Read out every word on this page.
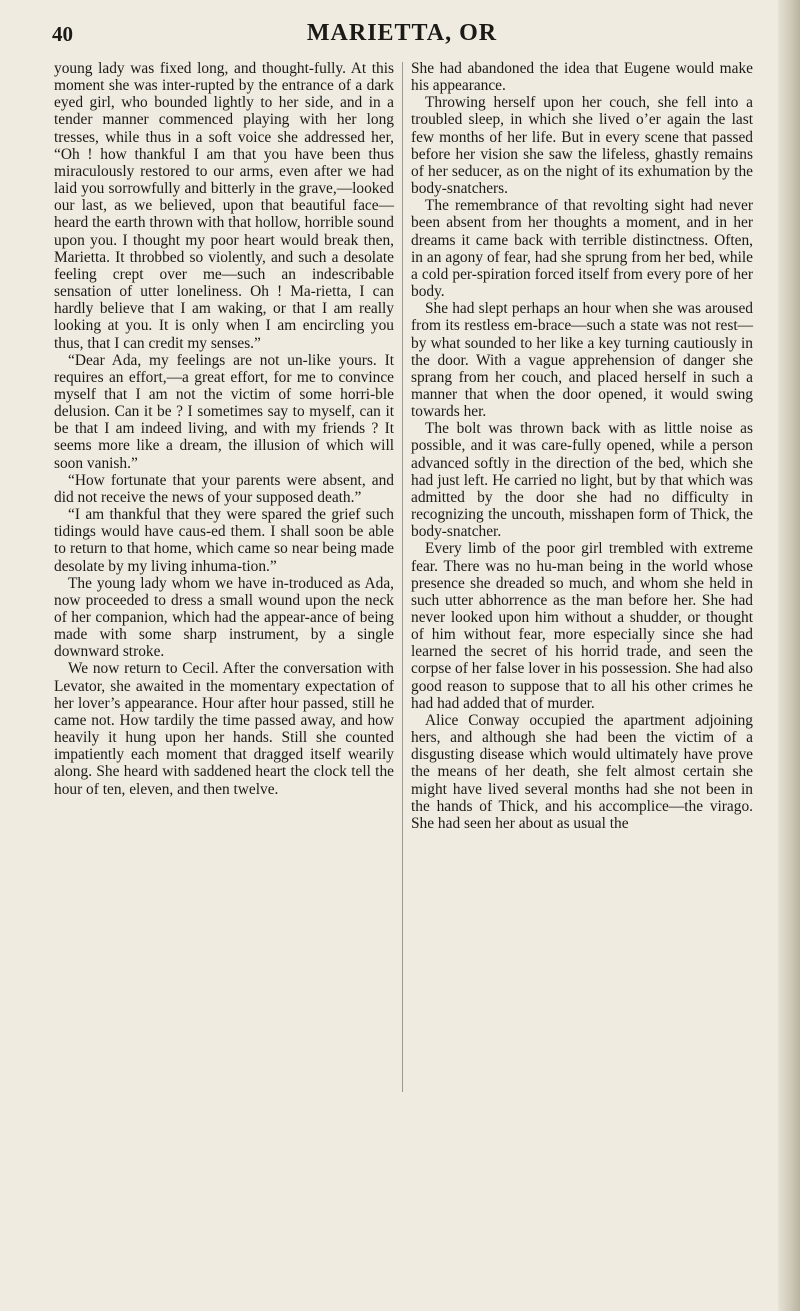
40	MARIETTA, OR

young lady was fixed long, and thought-fully. At this moment she was inter-rupted by the entrance of a dark eyed girl, who bounded lightly to her side, and in a tender manner commenced playing with her long tresses, while thus in a soft voice she addressed her, “Oh ! how thankful I am that you have been thus miraculously restored to our arms, even after we had laid you sorrowfully and bitterly in the grave,—looked our last, as we believed, upon that beautiful face—heard the earth thrown with that hollow, horrible sound upon you. I thought my poor heart would break then, Marietta. It throbbed so violently, and such a desolate feeling crept over me—such an indescribable sensation of utter loneliness. Oh ! Ma-rietta, I can hardly believe that I am waking, or that I am really looking at you. It is only when I am encircling you thus, that I can credit my senses.”

“Dear Ada, my feelings are not un-like yours. It requires an effort,—a great effort, for me to convince myself that I am not the victim of some horri-ble delusion. Can it be ? I sometimes say to myself, can it be that I am indeed living, and with my friends ? It seems more like a dream, the illusion of which will soon vanish.”

“How fortunate that your parents were absent, and did not receive the news of your supposed death.”

“I am thankful that they were spared the grief such tidings would have caus-ed them. I shall soon be able to return to that home, which came so near being made desolate by my living inhuma-tion.”

The young lady whom we have in-troduced as Ada, now proceeded to dress a small wound upon the neck of her companion, which had the appear-ance of being made with some sharp instrument, by a single downward stroke.

We now return to Cecil. After the conversation with Levator, she awaited in the momentary expectation of her lover’s appearance. Hour after hour passed, still he came not. How tardily the time passed away, and how heavily it hung upon her hands. Still she counted impatiently each moment that dragged itself wearily along. She heard with saddened heart the clock tell the hour of ten, eleven, and then twelve.

She had abandoned the idea that Eugene would make his appearance.

Throwing herself upon her couch, she fell into a troubled sleep, in which she lived o’er again the last few months of her life. But in every scene that passed before her vision she saw the lifeless, ghastly remains of her seducer, as on the night of its exhumation by the body-snatchers.

The remembrance of that revolting sight had never been absent from her thoughts a moment, and in her dreams it came back with terrible distinctness. Often, in an agony of fear, had she sprung from her bed, while a cold per-spiration forced itself from every pore of her body.

She had slept perhaps an hour when she was aroused from its restless em-brace—such a state was not rest—by what sounded to her like a key turning cautiously in the door. With a vague apprehension of danger she sprang from her couch, and placed herself in such a manner that when the door opened, it would swing towards her.

The bolt was thrown back with as little noise as possible, and it was care-fully opened, while a person advanced softly in the direction of the bed, which she had just left. He carried no light, but by that which was admitted by the door she had no difficulty in recognizing the uncouth, misshapen form of Thick, the body-snatcher.

Every limb of the poor girl trembled with extreme fear. There was no hu-man being in the world whose presence she dreaded so much, and whom she held in such utter abhorrence as the man before her. She had never looked upon him without a shudder, or thought of him without fear, more especially since she had learned the secret of his horrid trade, and seen the corpse of her false lover in his possession. She had also good reason to suppose that to all his other crimes he had had added that of murder.

Alice Conway occupied the apartment adjoining hers, and although she had been the victim of a disgusting disease which would ultimately have prove the means of her death, she felt almost certain she might have lived several months had she not been in the hands of Thick, and his accomplice—the virago. She had seen her about as usual the
